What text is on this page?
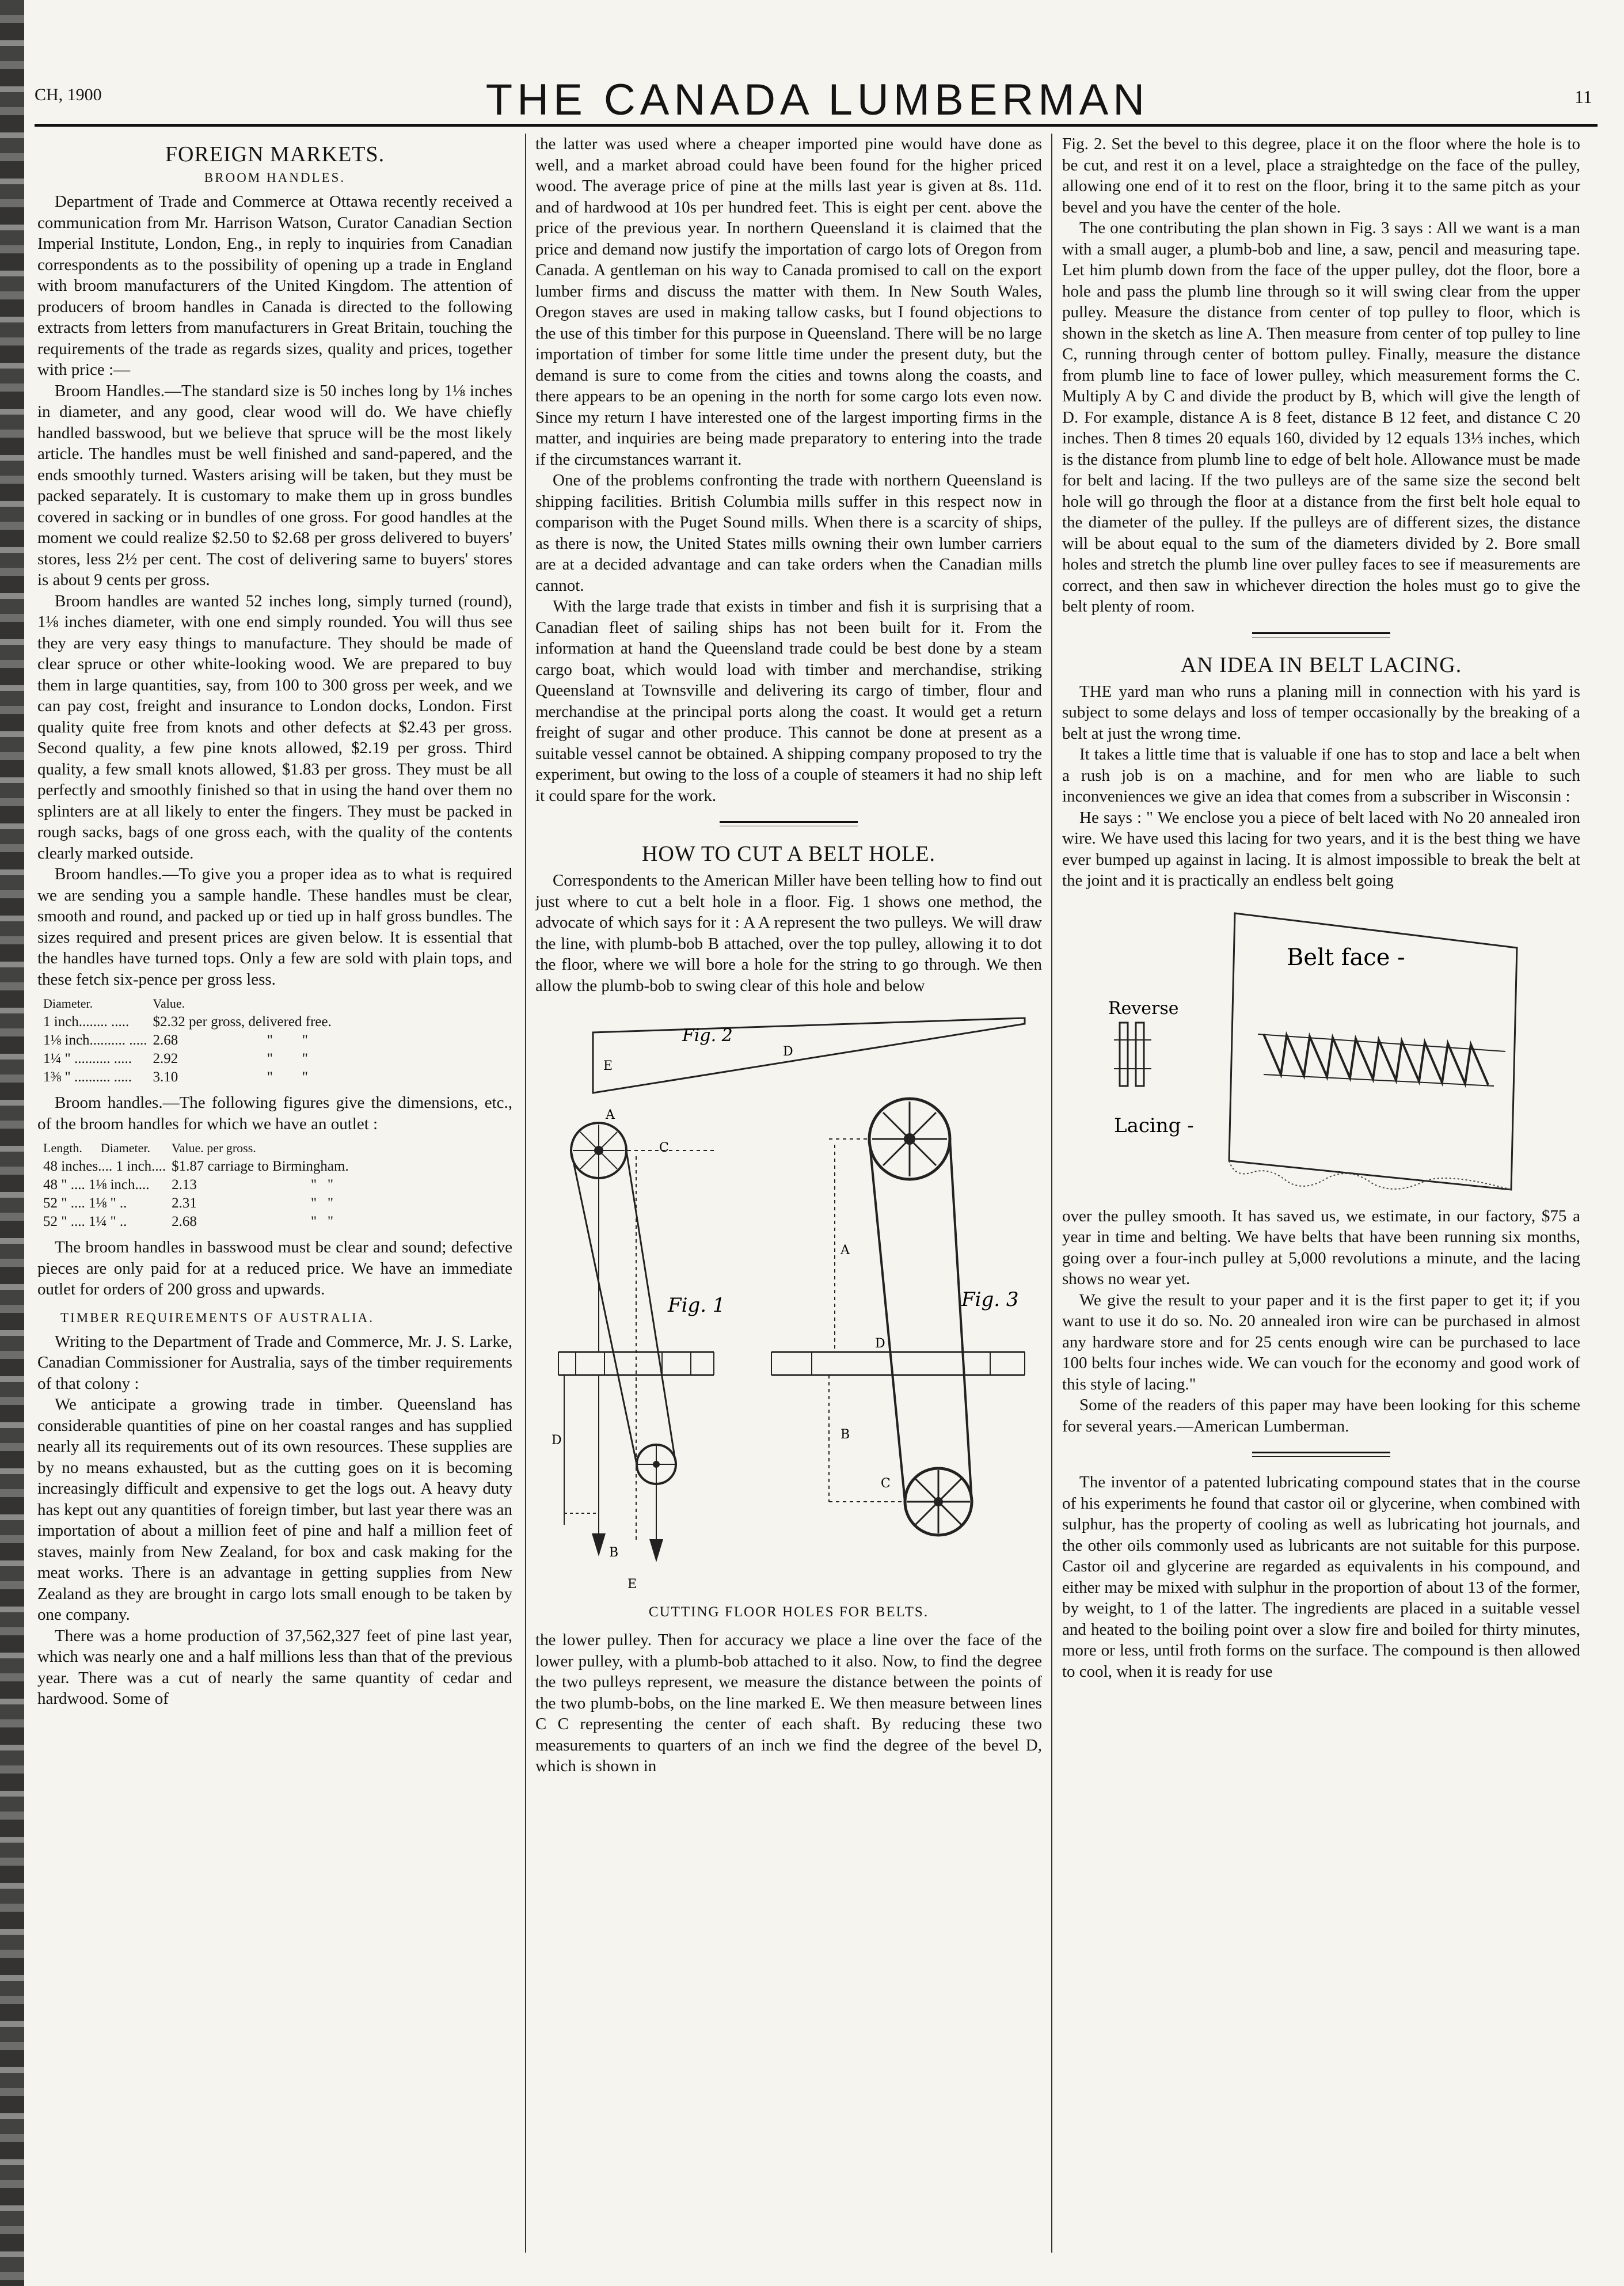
CH, 1900	THE CANADA LUMBERMAN	11
FOREIGN MARKETS.
BROOM HANDLES.

Department of Trade and Commerce at Ottawa recently received a communication from Mr. Harrison Watson, Curator Canadian Section Imperial Institute, London, Eng., in reply to inquiries from Canadian correspondents as to the possibility of opening up a trade in England with broom manufacturers of the United Kingdom. The attention of producers of broom handles in Canada is directed to the following extracts from letters from manufacturers in Great Britain, touching the requirements of the trade as regards sizes, quality and prices, together with price :—

Broom Handles.—The standard size is 50 inches long by 1⅛ inches in diameter, and any good, clear wood will do. We have chiefly handled basswood, but we believe that spruce will be the most likely article. The handles must be well finished and sand-papered, and the ends smoothly turned. Wasters arising will be taken, but they must be packed separately. It is customary to make them up in gross bundles covered in sacking or in bundles of one gross. For good handles at the moment we could realize $2.50 to $2.68 per gross delivered to buyers' stores, less 2½ per cent. The cost of delivering same to buyers' stores is about 9 cents per gross.

Broom handles are wanted 52 inches long, simply turned (round), 1⅛ inches diameter, with one end simply rounded. You will thus see they are very easy things to manufacture. They should be made of clear spruce or other white-looking wood. We are prepared to buy them in large quantities, say, from 100 to 300 gross per week, and we can pay cost, freight and insurance to London docks, London. First quality quite free from knots and other defects at $2.43 per gross. Second quality, a few pine knots allowed, $2.19 per gross. Third quality, a few small knots allowed, $1.83 per gross. They must be all perfectly and smoothly finished so that in using the hand over them no splinters are at all likely to enter the fingers. They must be packed in rough sacks, bags of one gross each, with the quality of the contents clearly marked outside.

Broom handles.—To give you a proper idea as to what is required we are sending you a sample handle. These handles must be clear, smooth and round, and packed up or tied up in half gross bundles. The sizes required and present prices are given below. It is essential that the handles have turned tops. Only a few are sold with plain tops, and these fetch six-pence per gross less.

Diameter.	Value.		
1 inch........ .....	$2.32 per gross, delivered free.		
1⅛ inch.......... .....	2.68	"	"
1¼ " .......... .....	2.92	"	"
1⅜ " .......... .....	3.10	"	"

Broom handles.—The following figures give the dimensions, etc., of the broom handles for which we have an outlet :

Length.	Diameter.	Value. per gross.	
48 inches.... 1 inch....		$1.87 carriage to Birmingham.	
48 " .... 1⅛ inch....		2.13	" "
52 " .... 1⅛ " ..		2.31	" "
52 " .... 1¼ " ..		2.68	" "

The broom handles in basswood must be clear and sound; defective pieces are only paid for at a reduced price. We have an immediate outlet for orders of 200 gross and upwards.

TIMBER REQUIREMENTS OF AUSTRALIA.

Writing to the Department of Trade and Commerce, Mr. J. S. Larke, Canadian Commissioner for Australia, says of the timber requirements of that colony :

We anticipate a growing trade in timber. Queensland has considerable quantities of pine on her coastal ranges and has supplied nearly all its requirements out of its own resources. These supplies are by no means exhausted, but as the cutting goes on it is becoming increasingly difficult and expensive to get the logs out. A heavy duty has kept out any quantities of foreign timber, but last year there was an importation of about a million feet of pine and half a million feet of staves, mainly from New Zealand, for box and cask making for the meat works. There is an advantage in getting supplies from New Zealand as they are brought in cargo lots small enough to be taken by one company.

There was a home production of 37,562,327 feet of pine last year, which was nearly one and a half millions less than that of the previous year. There was a cut of nearly the same quantity of cedar and hardwood. Some of

the latter was used where a cheaper imported pine would have done as well, and a market abroad could have been found for the higher priced wood. The average price of pine at the mills last year is given at 8s. 11d. and of hardwood at 10s per hundred feet. This is eight per cent. above the price of the previous year. In northern Queensland it is claimed that the price and demand now justify the importation of cargo lots of Oregon from Canada. A gentleman on his way to Canada promised to call on the export lumber firms and discuss the matter with them. In New South Wales, Oregon staves are used in making tallow casks, but I found objections to the use of this timber for this purpose in Queensland. There will be no large importation of timber for some little time under the present duty, but the demand is sure to come from the cities and towns along the coasts, and there appears to be an opening in the north for some cargo lots even now. Since my return I have interested one of the largest importing firms in the matter, and inquiries are being made preparatory to entering into the trade if the circumstances warrant it.

One of the problems confronting the trade with northern Queensland is shipping facilities. British Columbia mills suffer in this respect now in comparison with the Puget Sound mills. When there is a scarcity of ships, as there is now, the United States mills owning their own lumber carriers are at a decided advantage and can take orders when the Canadian mills cannot.

With the large trade that exists in timber and fish it is surprising that a Canadian fleet of sailing ships has not been built for it. From the information at hand the Queensland trade could be best done by a steam cargo boat, which would load with timber and merchandise, striking Queensland at Townsville and delivering its cargo of timber, flour and merchandise at the principal ports along the coast. It would get a return freight of sugar and other produce. This cannot be done at present as a suitable vessel cannot be obtained. A shipping company proposed to try the experiment, but owing to the loss of a couple of steamers it had no ship left it could spare for the work.

HOW TO CUT A BELT HOLE.

Correspondents to the American Miller have been telling how to find out just where to cut a belt hole in a floor. Fig. 1 shows one method, the advocate of which says for it : A A represent the two pulleys. We will draw the line, with plumb-bob B attached, over the top pulley, allowing it to dot the floor, where we will bore a hole for the string to go through. We then allow the plumb-bob to swing clear of this hole and below

Fig. 2
E
D
A
C
D
Fig. 1
B
E
A
B
C
D
Fig. 3
CUTTING FLOOR HOLES FOR BELTS.

the lower pulley. Then for accuracy we place a line over the face of the lower pulley, with a plumb-bob attached to it also. Now, to find the degree the two pulleys represent, we measure the distance between the points of the two plumb-bobs, on the line marked E. We then measure between lines C C representing the center of each shaft. By reducing these two measurements to quarters of an inch we find the degree of the bevel D, which is shown in

Fig. 2. Set the bevel to this degree, place it on the floor where the hole is to be cut, and rest it on a level, place a straightedge on the face of the pulley, allowing one end of it to rest on the floor, bring it to the same pitch as your bevel and you have the center of the hole.

The one contributing the plan shown in Fig. 3 says : All we want is a man with a small auger, a plumb-bob and line, a saw, pencil and measuring tape. Let him plumb down from the face of the upper pulley, dot the floor, bore a hole and pass the plumb line through so it will swing clear from the upper pulley. Measure the distance from center of top pulley to floor, which is shown in the sketch as line A. Then measure from center of top pulley to line C, running through center of bottom pulley. Finally, measure the distance from plumb line to face of lower pulley, which measurement forms the C. Multiply A by C and divide the product by B, which will give the length of D. For example, distance A is 8 feet, distance B 12 feet, and distance C 20 inches. Then 8 times 20 equals 160, divided by 12 equals 13⅓ inches, which is the distance from plumb line to edge of belt hole. Allowance must be made for belt and lacing. If the two pulleys are of the same size the second belt hole will go through the floor at a distance from the first belt hole equal to the diameter of the pulley. If the pulleys are of different sizes, the distance will be about equal to the sum of the diameters divided by 2. Bore small holes and stretch the plumb line over pulley faces to see if measurements are correct, and then saw in whichever direction the holes must go to give the belt plenty of room.

AN IDEA IN BELT LACING.

THE yard man who runs a planing mill in connection with his yard is subject to some delays and loss of temper occasionally by the breaking of a belt at just the wrong time.

It takes a little time that is valuable if one has to stop and lace a belt when a rush job is on a machine, and for men who are liable to such inconveniences we give an idea that comes from a subscriber in Wisconsin :

He says : " We enclose you a piece of belt laced with No 20 annealed iron wire. We have used this lacing for two years, and it is the best thing we have ever bumped up against in lacing. It is almost impossible to break the belt at the joint and it is practically an endless belt going

Belt face -
Reverse
Lacing -

over the pulley smooth. It has saved us, we estimate, in our factory, $75 a year in time and belting. We have belts that have been running six months, going over a four-inch pulley at 5,000 revolutions a minute, and the lacing shows no wear yet.

We give the result to your paper and it is the first paper to get it; if you want to use it do so. No. 20 annealed iron wire can be purchased in almost any hardware store and for 25 cents enough wire can be purchased to lace 100 belts four inches wide. We can vouch for the economy and good work of this style of lacing."

Some of the readers of this paper may have been looking for this scheme for several years.—American Lumberman.

The inventor of a patented lubricating compound states that in the course of his experiments he found that castor oil or glycerine, when combined with sulphur, has the property of cooling as well as lubricating hot journals, and the other oils commonly used as lubricants are not suitable for this purpose. Castor oil and glycerine are regarded as equivalents in his compound, and either may be mixed with sulphur in the proportion of about 13 of the former, by weight, to 1 of the latter. The ingredients are placed in a suitable vessel and heated to the boiling point over a slow fire and boiled for thirty minutes, more or less, until froth forms on the surface. The compound is then allowed to cool, when it is ready for use
